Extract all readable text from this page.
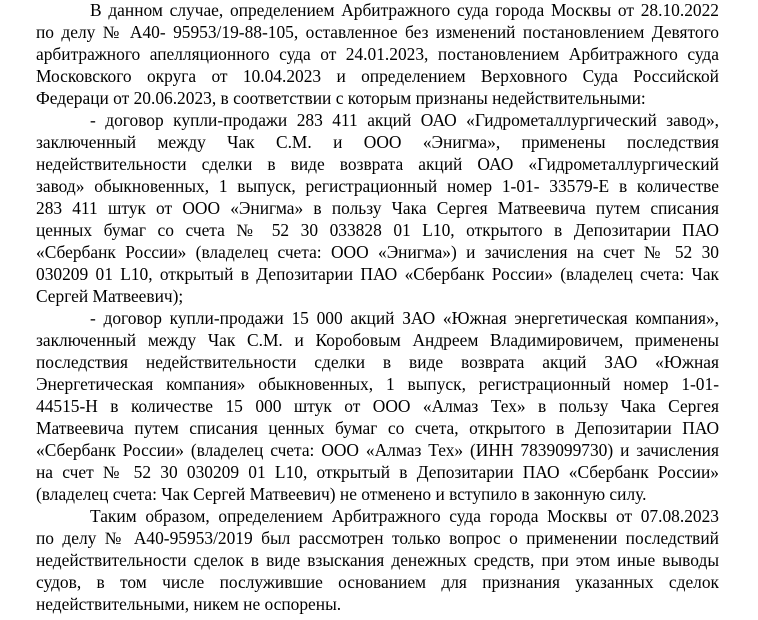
В данном случае, определением Арбитражного суда города Москвы от 28.10.2022
по делу № А40- 95953/19-88-105, оставленное без изменений постановлением Девятого
арбитражного апелляционного суда от 24.01.2023, постановлением Арбитражного суда
Московского округа от 10.04.2023 и определением Верховного Суда Российской
Федераци от 20.06.2023, в соответствии с которым признаны недействительными:
- договор купли-продажи 283 411 акций ОАО «Гидрометаллургический завод»,
заключенный между Чак С.М. и ООО «Энигма», применены последствия
недействительности сделки в виде возврата акций ОАО «Гидрометаллургический
завод» обыкновенных, 1 выпуск, регистрационный номер 1-01- 33579-Е в количестве
283 411 штук от ООО «Энигма» в пользу Чака Сергея Матвеевича путем списания
ценных бумаг со счета № 52 30 033828 01 L10, открытого в Депозитарии ПАО
«Сбербанк России» (владелец счета: ООО «Энигма») и зачисления на счет № 52 30
030209 01 L10, открытый в Депозитарии ПАО «Сбербанк России» (владелец счета: Чак
Сергей Матвеевич);
- договор купли-продажи 15 000 акций ЗАО «Южная энергетическая компания»,
заключенный между Чак С.М. и Коробовым Андреем Владимировичем, применены
последствия недействительности сделки в виде возврата акций ЗАО «Южная
Энергетическая компания» обыкновенных, 1 выпуск, регистрационный номер 1-01-
44515-Н в количестве 15 000 штук от ООО «Алмаз Тех» в пользу Чака Сергея
Матвеевича путем списания ценных бумаг со счета, открытого в Депозитарии ПАО
«Сбербанк России» (владелец счета: ООО «Алмаз Тех» (ИНН 7839099730) и зачисления
на счет № 52 30 030209 01 L10, открытый в Депозитарии ПАО «Сбербанк России»
(владелец счета: Чак Сергей Матвеевич) не отменено и вступило в законную силу.
Таким образом, определением Арбитражного суда города Москвы от 07.08.2023
по делу № А40-95953/2019 был рассмотрен только вопрос о применении последствий
недействительности сделок в виде взыскания денежных средств, при этом иные выводы
судов, в том числе послужившие основанием для признания указанных сделок
недействительными, никем не оспорены.
